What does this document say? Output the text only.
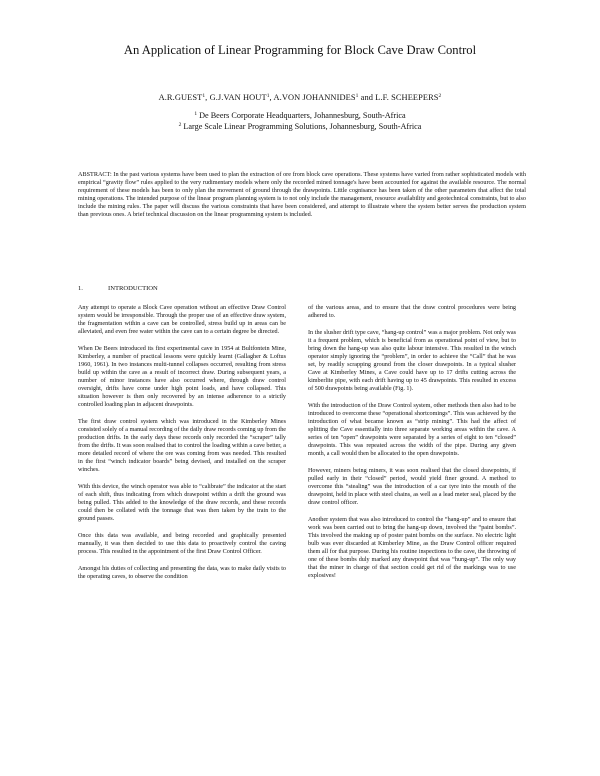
An Application of Linear Programming for Block Cave Draw Control
A.R.GUEST$^1$, G.J.VAN HOUT$^1$, A.VON JOHANNIDES$^1$ and L.F. SCHEEPERS$^2$
$^1$ De Beers Corporate Headquarters, Johannesburg, South-Africa
$^2$ Large Scale Linear Programming Solutions, Johannesburg, South-Africa
ABSTRACT: In the past various systems have been used to plan the extraction of ore from block cave operations. These systems have varied from rather sophisticated models with empirical “gravity flow” rules applied to the very rudimentary models where only the recorded mined tonnage's have been accounted for against the available resource. The normal requirement of these models has been to only plan the movement of ground through the drawpoints. Little cognisance has been taken of the other parameters that affect the total mining operations. The intended purpose of the linear program planning system is to not only include the management, resource availability and geotechnical constraints, but to also include the mining rules. The paper will discuss the various constraints that have been considered, and attempt to illustrate where the system better serves the production system than previous ones. A brief technical discussion on the linear programming system is included.
1.	INTRODUCTION

Any attempt to operate a Block Cave operation without an effective Draw Control system would be irresponsible. Through the proper use of an effective draw system, the fragmentation within a cave can be controlled, stress build up in areas can be alleviated, and even free water within the cave can to a certain degree be directed.

When De Beers introduced its first experimental cave in 1954 at Bultfontein Mine, Kimberley, a number of practical lessons were quickly learnt (Gallagher & Loftus 1960, 1961). In two instances multi-tunnel collapses occurred, resulting from stress build up within the cave as a result of incorrect draw. During subsequent years, a number of minor instances have also occurred where, through draw control oversight, drifts have come under high point loads, and have collapsed. This situation however is then only recovered by an intense adherence to a strictly controlled loading plan in adjacent drawpoints.

The first draw control system which was introduced in the Kimberley Mines consisted solely of a manual recording of the daily draw records coming up from the production drifts. In the early days these records only recorded the “scraper” tally from the drifts. It was soon realised that to control the loading within a cave better, a more detailed record of where the ore was coming from was needed. This resulted in the first “winch indicator boards” being devised, and installed on the scraper winches.

With this device, the winch operator was able to “calibrate” the indicator at the start of each shift, thus indicating from which drawpoint within a drift the ground was being pulled. This added to the knowledge of the draw records, and these records could then be collated with the tonnage that was then taken by the train to the ground passes.

Once this data was available, and being recorded and graphically presented manually, it was then decided to use this data to proactively control the caving process. This resulted in the appointment of the first Draw Control Officer.

Amongst his duties of collecting and presenting the data, was to make daily visits to the operating caves, to observe the condition

of the various areas, and to ensure that the draw control procedures were being adhered to.

In the slusher drift type cave, “hang-up control” was a major problem. Not only was it a frequent problem, which is beneficial from as operational point of view, but to bring down the hang-up was also quite labour intensive. This resulted in the winch operator simply ignoring the “problem”, in order to achieve the “Call” that he was set, by readily scrapping ground from the closer drawpoints. In a typical slusher Cave at Kimberley Mines, a Cave could have up to 17 drifts cutting across the kimberlite pipe, with each drift having up to 45 drawpoints. This resulted in excess of 500 drawpoints being available (Fig. 1).

With the introduction of the Draw Control system, other methods then also had to be introduced to overcome these “operational shortcomings”. This was achieved by the introduction of what became known as “strip mining”. This had the affect of splitting the Cave essentially into three separate working areas within the cave. A series of ten “open” drawpoints were separated by a series of eight to ten “closed” drawpoints. This was repeated across the width of the pipe. During any given month, a call would then be allocated to the open drawpoints.

However, miners being miners, it was soon realised that the closed drawpoints, if pulled early in their “closed” period, would yield finer ground. A method to overcome this “stealing” was the introduction of a car tyre into the mouth of the drawpoint, held in place with steel chains, as well as a lead meter seal, placed by the draw control officer.

Another system that was also introduced to control the “hang-up” and to ensure that work was been carried out to bring the hang-up down, involved the “paint bombs”. This involved the making up of poster paint bombs on the surface. No electric light bulb was ever discarded at Kimberley Mine, as the Draw Control officer required them all for that purpose. During his routine inspections to the cave, the throwing of one of these bombs duly marked any drawpoint that was “hung-up”. The only way that the miner in charge of that section could get rid of the markings was to use explosives!
